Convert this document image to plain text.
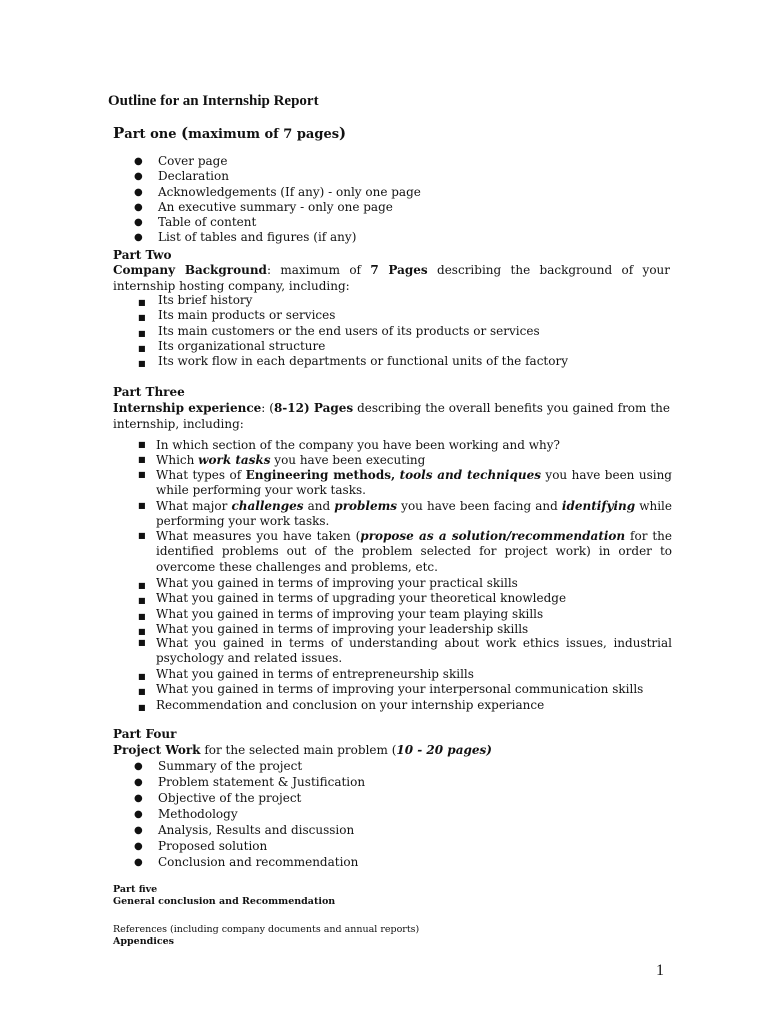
Outline for an Internship Report
Part one (maximum of 7 pages)
● Cover page
● Declaration
● Acknowledgements (If any) - only one page
● An executive summary - only one page
● Table of content
● List of tables and figures (if any)
Part Two
Company Background: maximum of 7 Pages describing the background of your internship hosting company, including:
■ Its brief history
■ Its main products or services
■ Its main customers or the end users of its products or services
■ Its organizational structure
■ Its work flow in each departments or functional units of the factory
Part Three
Internship experience: (8-12) Pages describing the overall benefits you gained from the internship, including:
■ In which section of the company you have been working and why?
■ Which work tasks you have been executing
■ What types of Engineering methods, tools and techniques you have been using while performing your work tasks.
■ What major challenges and problems you have been facing and identifying while performing your work tasks.
■ What measures you have taken (propose as a solution/recommendation for the identified problems out of the problem selected for project work) in order to overcome these challenges and problems, etc.
■ What you gained in terms of improving your practical skills
■ What you gained in terms of upgrading your theoretical knowledge
■ What you gained in terms of improving your team playing skills
■ What you gained in terms of improving your leadership skills
■ What you gained in terms of understanding about work ethics issues, industrial psychology and related issues.
■ What you gained in terms of entrepreneurship skills
■ What you gained in terms of improving your interpersonal communication skills
■ Recommendation and conclusion on your internship experiance
Part Four
Project Work for the selected main problem (10 - 20 pages)
● Summary of the project
● Problem statement & Justification
● Objective of the project
● Methodology
● Analysis, Results and discussion
● Proposed solution
● Conclusion and recommendation
Part five
General conclusion and Recommendation
References (including company documents and annual reports)
Appendices
1
